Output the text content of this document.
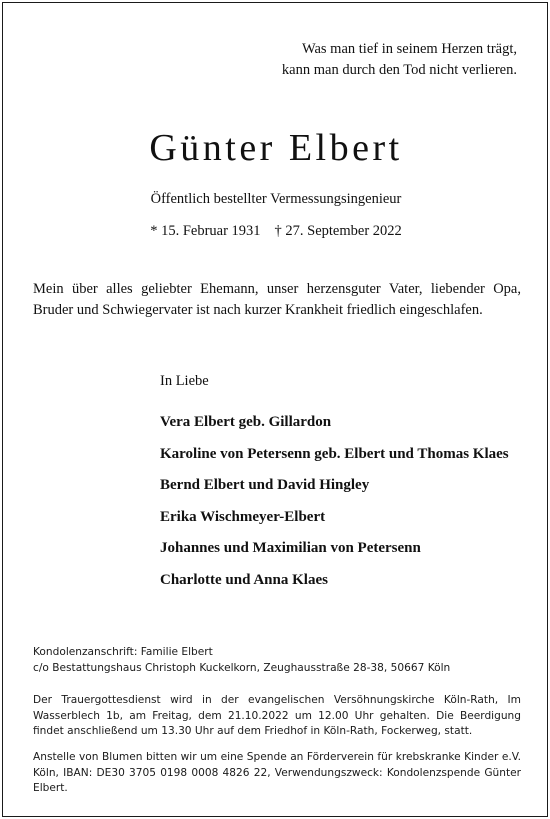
Was man tief in seinem Herzen trägt,
kann man durch den Tod nicht verlieren.
Günter Elbert
Öffentlich bestellter Vermessungsingenieur
* 15. Februar 1931 † 27. September 2022
Mein über alles geliebter Ehemann, unser herzensguter Vater, liebender Opa, Bruder und Schwiegervater ist nach kurzer Krankheit friedlich eingeschlafen.
In Liebe
Vera Elbert geb. Gillardon
Karoline von Petersenn geb. Elbert und Thomas Klaes
Bernd Elbert und David Hingley
Erika Wischmeyer-Elbert
Johannes und Maximilian von Petersenn
Charlotte und Anna Klaes
Kondolenzanschrift: Familie Elbert
c/o Bestattungshaus Christoph Kuckelkorn, Zeughausstraße 28-38, 50667 Köln
Der Trauergottesdienst wird in der evangelischen Versöhnungskirche Köln-Rath, Im Wasserblech 1b, am Freitag, dem 21.10.2022 um 12.00 Uhr gehalten. Die Beerdigung findet anschließend um 13.30 Uhr auf dem Friedhof in Köln-Rath, Fockerweg, statt.
Anstelle von Blumen bitten wir um eine Spende an Förderverein für krebskranke Kinder e.V. Köln, IBAN: DE30 3705 0198 0008 4826 22, Verwendungszweck: Kondolenzspende Günter Elbert.
